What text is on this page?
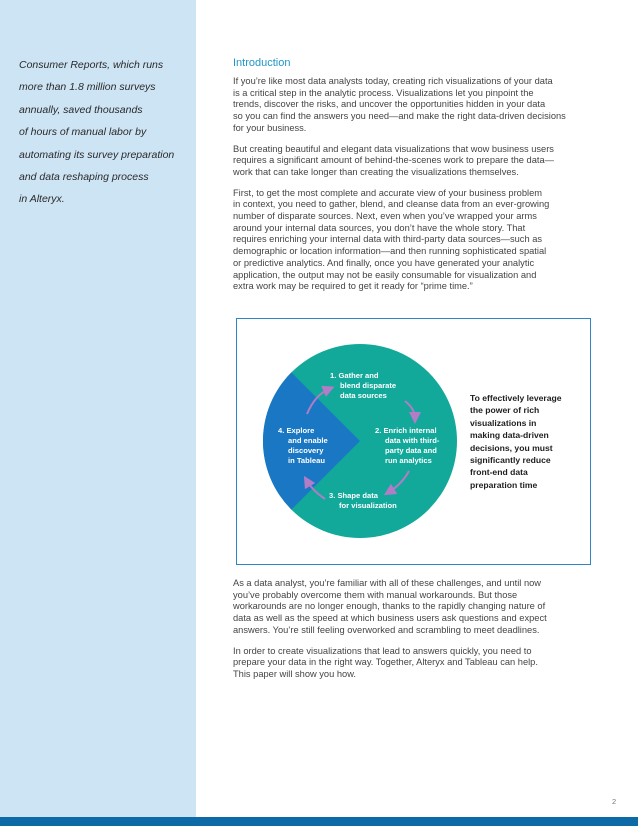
Consumer Reports, which runs
more than 1.8 million surveys
annually, saved thousands
of hours of manual labor by
automating its survey preparation
and data reshaping process
in Alteryx.
Introduction
If you’re like most data analysts today, creating rich visualizations of your data
is a critical step in the analytic process. Visualizations let you pinpoint the
trends, discover the risks, and uncover the opportunities hidden in your data
so you can find the answers you need—and make the right data-driven decisions
for your business.
But creating beautiful and elegant data visualizations that wow business users
requires a significant amount of behind-the-scenes work to prepare the data—
work that can take longer than creating the visualizations themselves.
First, to get the most complete and accurate view of your business problem
in context, you need to gather, blend, and cleanse data from an ever-growing
number of disparate sources. Next, even when you’ve wrapped your arms
around your internal data sources, you don’t have the whole story. That
requires enriching your internal data with third-party data sources—such as
demographic or location information—and then running sophisticated spatial
or predictive analytics. And finally, once you have generated your analytic
application, the output may not be easily consumable for visualization and
extra work may be required to get it ready for “prime time.”
1. Gather and
blend disparate
data sources
2. Enrich internal
data with third-
party data and
run analytics
3. Shape data
for visualization
4. Explore
and enable
discovery
in Tableau
To effectively leverage
the power of rich
visualizations in
making data-driven
decisions, you must
significantly reduce
front-end data
preparation time
As a data analyst, you’re familiar with all of these challenges, and until now
you’ve probably overcome them with manual workarounds. But those
workarounds are no longer enough, thanks to the rapidly changing nature of
data as well as the speed at which business users ask questions and expect
answers. You’re still feeling overworked and scrambling to meet deadlines.
In order to create visualizations that lead to answers quickly, you need to
prepare your data in the right way. Together, Alteryx and Tableau can help.
This paper will show you how.
2
